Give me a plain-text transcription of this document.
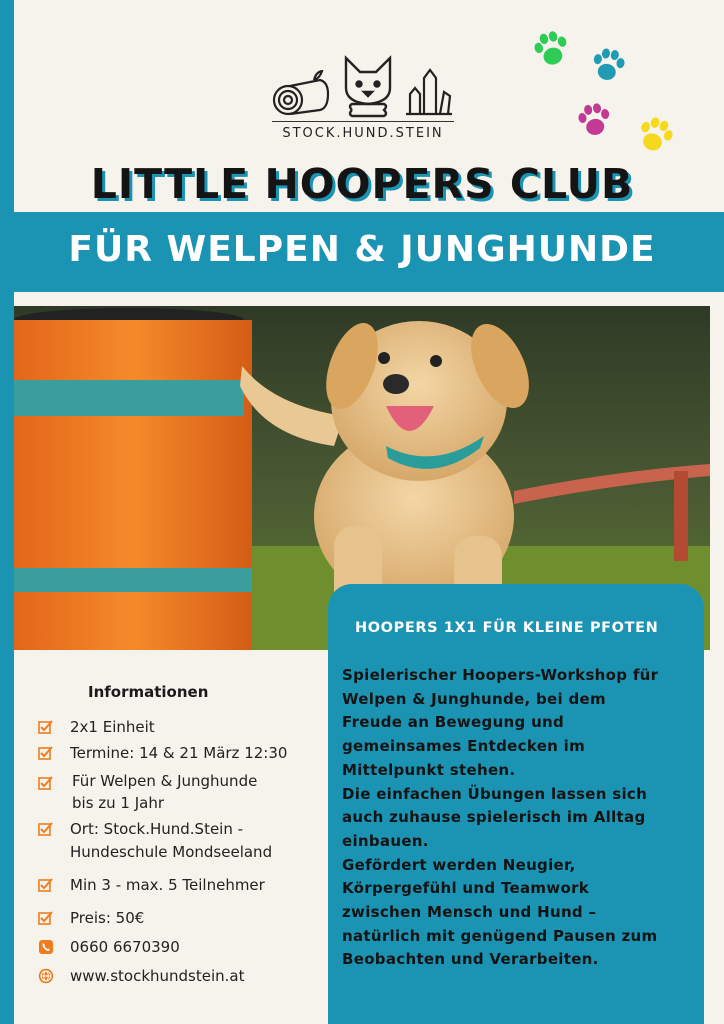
STOCK.HUND.STEIN
LITTLE HOOPERS CLUB
FÜR WELPEN & JUNGHUNDE
Informationen
2x1 Einheit
Termine: 14 & 21 März 12:30
Für Welpen & Junghunde
bis zu 1 Jahr
Ort: Stock.Hund.Stein -
Hundeschule Mondseeland
Min 3 - max. 5 Teilnehmer
Preis: 50€
0660 6670390
www.stockhundstein.at
HOOPERS 1X1 FÜR KLEINE PFOTEN
Spielerischer Hoopers-Workshop für
Welpen & Junghunde, bei dem
Freude an Bewegung und
gemeinsames Entdecken im
Mittelpunkt stehen.
Die einfachen Übungen lassen sich
auch zuhause spielerisch im Alltag
einbauen.
Gefördert werden Neugier,
Körpergefühl und Teamwork
zwischen Mensch und Hund –
natürlich mit genügend Pausen zum
Beobachten und Verarbeiten.
